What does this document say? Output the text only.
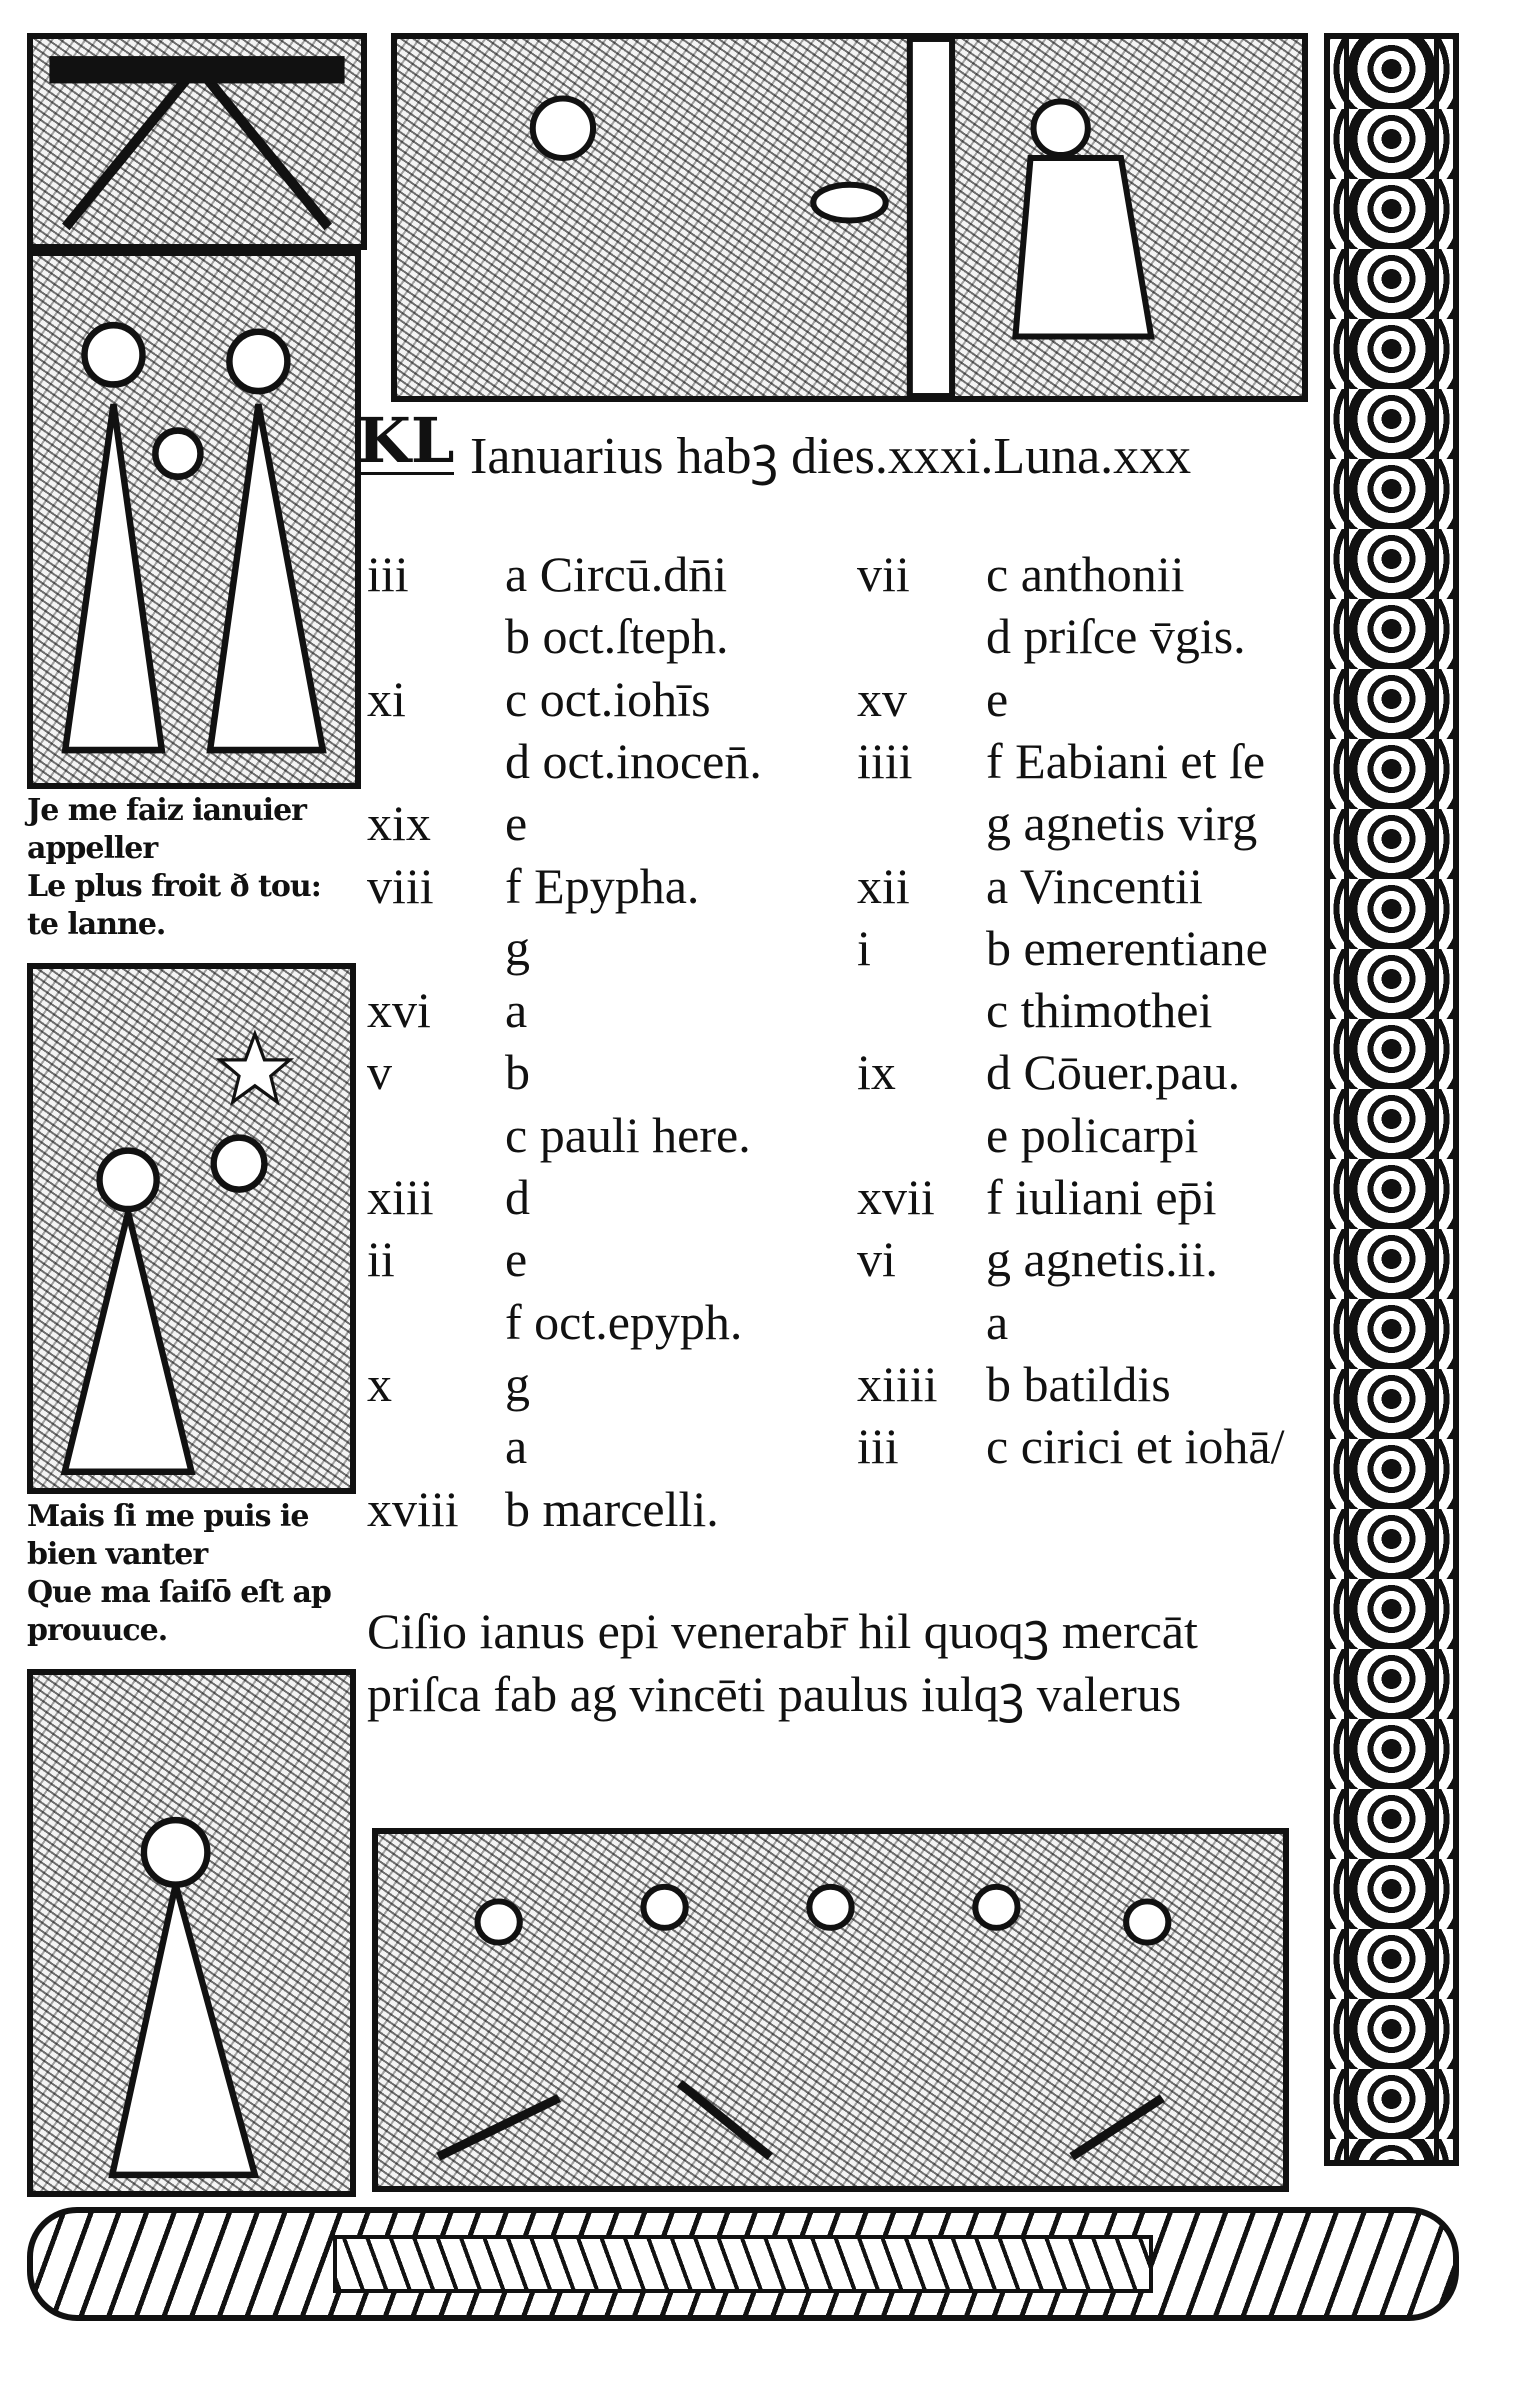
Je me faiz ianuier
appeller
Le plus froit ð tou:
te lanne.
Mais ſi me puis ie
bien vanter
Que ma ſaiſō eſt ap
prouuce.
KL Ianuarius habꝫ dies.xxxi.Luna.xxx
iii a Circū.dn̄i
b oct.ſteph.
xi c oct.iohīs
d oct.inocen̄.
xix e
viii f Epypha.
g
xvi a
v b
c pauli here.
xiii d
ii e
f oct.epyph.
x g
a
xviii b marcelli.
vii c anthonii
d priſce v̄gis.
xv e
iiii f Eabiani et ſe
g agnetis virg
xii a Vincentii
i b emerentiane
c thimothei
ix d Cōuer.pau.
e policarpi
xvii f iuliani ep̄i
vi g agnetis.ii.
a
xiiii b batildis
iii c cirici et iohā/
Ciſio ianus epi venerabr̄ hil quoqꝫ mercāt
priſca fab ag vincēti paulus iulqꝫ valerus
